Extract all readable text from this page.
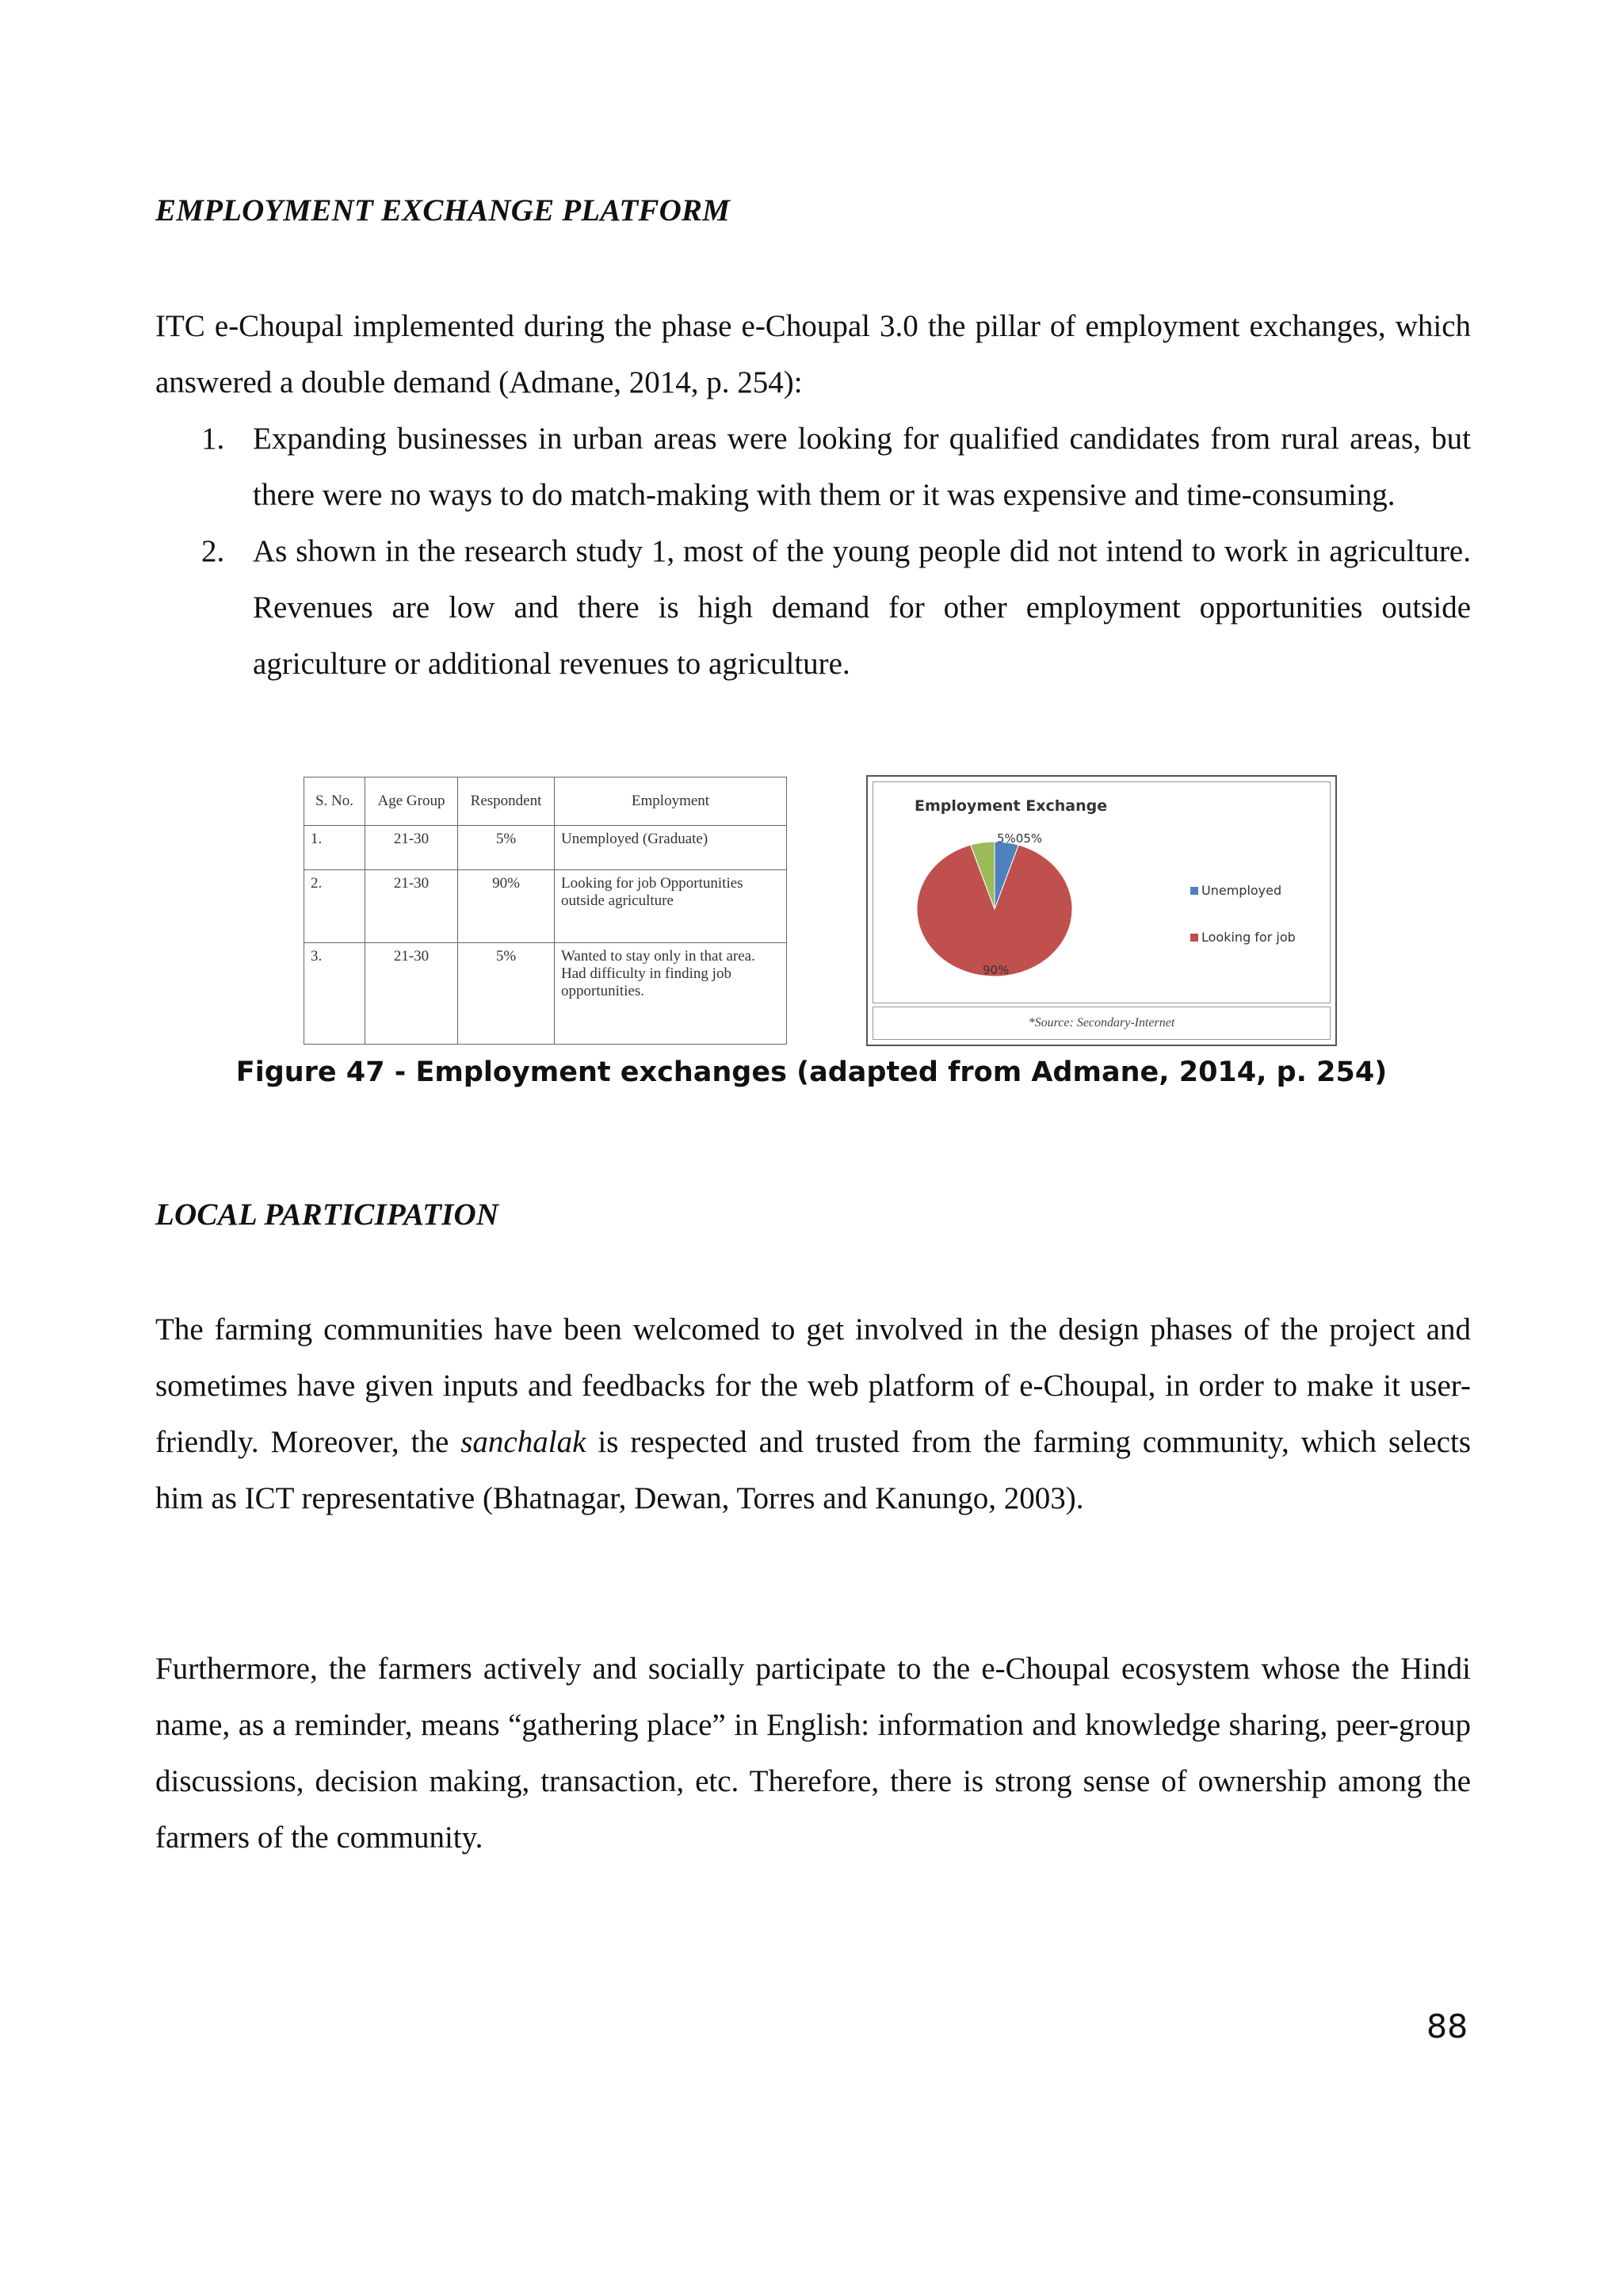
EMPLOYMENT EXCHANGE PLATFORM
ITC e-Choupal implemented during the phase e-Choupal 3.0 the pillar of employment exchanges, which answered a double demand (Admane, 2014, p. 254):
1. Expanding businesses in urban areas were looking for qualified candidates from rural areas, but there were no ways to do match-making with them or it was expensive and time-consuming.
2. As shown in the research study 1, most of the young people did not intend to work in agriculture. Revenues are low and there is high demand for other employment opportunities outside agriculture or additional revenues to agriculture.
S. No.	Age Group	Respondent	Employment
1.	21-30	5%	Unemployed (Graduate)
2.	21-30	90%	Looking for job Opportunities outside agriculture
3.	21-30	5%	Wanted to stay only in that area. Had difficulty in finding job opportunities.
Employment Exchange
5%05%
90%
Unemployed
Looking for job
*Source: Secondary-Internet
Figure 47 - Employment exchanges (adapted from Admane, 2014, p. 254)
LOCAL PARTICIPATION
The farming communities have been welcomed to get involved in the design phases of the project and sometimes have given inputs and feedbacks for the web platform of e-Choupal, in order to make it user-friendly. Moreover, the sanchalak is respected and trusted from the farming community, which selects him as ICT representative (Bhatnagar, Dewan, Torres and Kanungo, 2003).
Furthermore, the farmers actively and socially participate to the e-Choupal ecosystem whose the Hindi name, as a reminder, means “gathering place” in English: information and knowledge sharing, peer-group discussions, decision making, transaction, etc. Therefore, there is strong sense of ownership among the farmers of the community.
88
